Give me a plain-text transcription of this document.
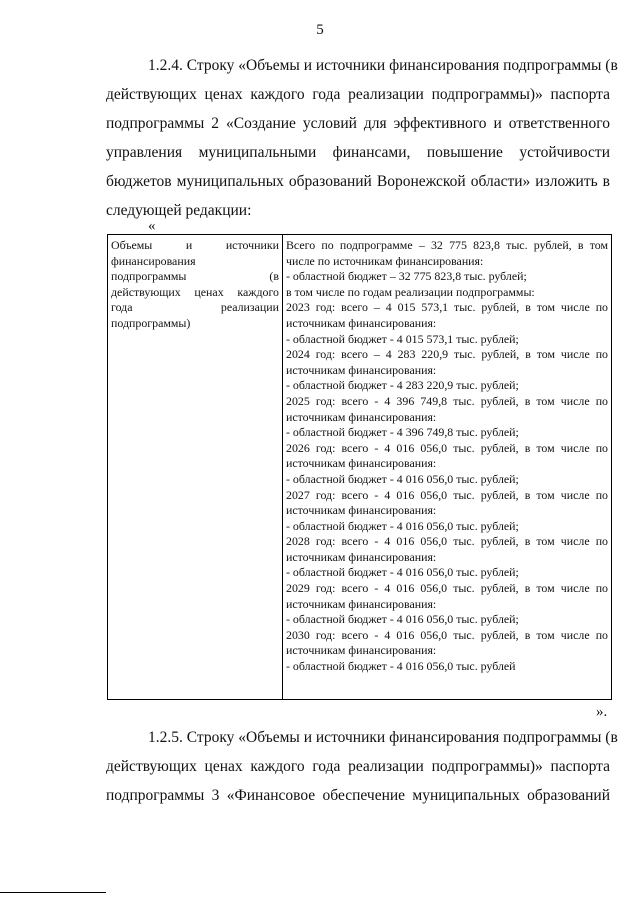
5
1.2.4. Строку «Объемы и источники финансирования подпрограммы (в
действующих ценах каждого года реализации подпрограммы)» паспорта
подпрограммы 2 «Создание условий для эффективного и ответственного
управления муниципальными финансами, повышение устойчивости
бюджетов муниципальных образований Воронежской области» изложить в
следующей редакции:
«
Объемы и источники
финансирования
подпрограммы (в
действующих ценах каждого
года реализации
подпрограммы)

Всего по подпрограмме – 32 775 823,8 тыс. рублей, в том
числе по источникам финансирования:
- областной бюджет – 32 775 823,8 тыс. рублей;
в том числе по годам реализации подпрограммы:
2023 год: всего – 4 015 573,1 тыс. рублей, в том числе по
источникам финансирования:
- областной бюджет - 4 015 573,1 тыс. рублей;
2024 год: всего – 4 283 220,9 тыс. рублей, в том числе по
источникам финансирования:
- областной бюджет - 4 283 220,9 тыс. рублей;
2025 год: всего - 4 396 749,8 тыс. рублей, в том числе по
источникам финансирования:
- областной бюджет - 4 396 749,8 тыс. рублей;
2026 год: всего - 4 016 056,0 тыс. рублей, в том числе по
источникам финансирования:
- областной бюджет - 4 016 056,0 тыс. рублей;
2027 год: всего - 4 016 056,0 тыс. рублей, в том числе по
источникам финансирования:
- областной бюджет - 4 016 056,0 тыс. рублей;
2028 год: всего - 4 016 056,0 тыс. рублей, в том числе по
источникам финансирования:
- областной бюджет - 4 016 056,0 тыс. рублей;
2029 год: всего - 4 016 056,0 тыс. рублей, в том числе по
источникам финансирования:
- областной бюджет - 4 016 056,0 тыс. рублей;
2030 год: всего - 4 016 056,0 тыс. рублей, в том числе по
источникам финансирования:
- областной бюджет - 4 016 056,0 тыс. рублей
».
1.2.5. Строку «Объемы и источники финансирования подпрограммы (в
действующих ценах каждого года реализации подпрограммы)» паспорта
подпрограммы 3 «Финансовое обеспечение муниципальных образований
